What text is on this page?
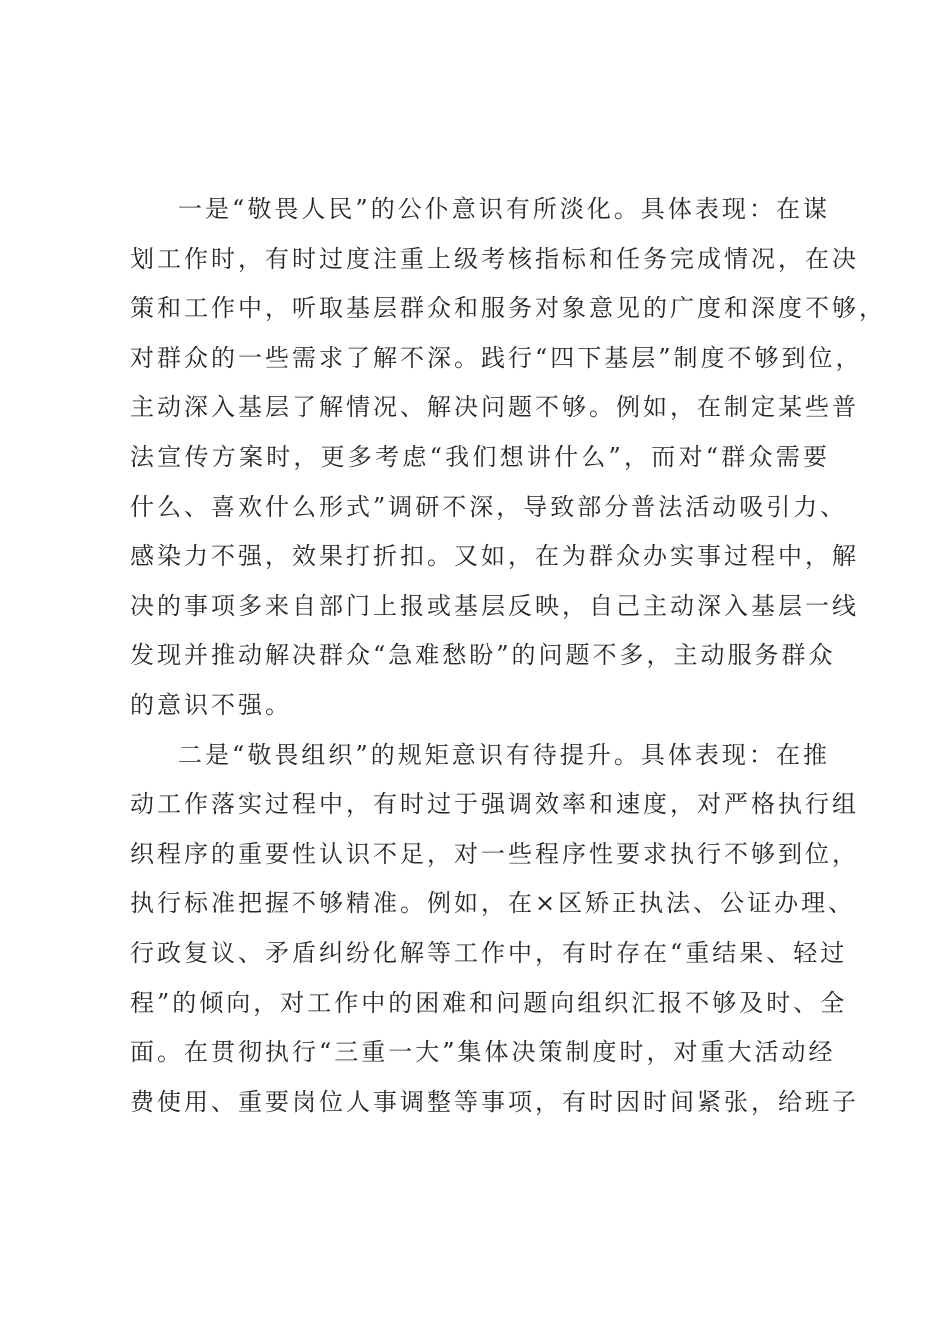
一是“敬畏人民”的公仆意识有所淡化。具体表现：在谋
划工作时，有时过度注重上级考核指标和任务完成情况，在决
策和工作中，听取基层群众和服务对象意见的广度和深度不够，
对群众的一些需求了解不深。践行“四下基层”制度不够到位，
主动深入基层了解情况、解决问题不够。例如，在制定某些普
法宣传方案时，更多考虑“我们想讲什么”，而对“群众需要
什么、喜欢什么形式”调研不深，导致部分普法活动吸引力、
感染力不强，效果打折扣。又如，在为群众办实事过程中，解
决的事项多来自部门上报或基层反映，自己主动深入基层一线
发现并推动解决群众“急难愁盼”的问题不多，主动服务群众
的意识不强。
二是“敬畏组织”的规矩意识有待提升。具体表现：在推
动工作落实过程中，有时过于强调效率和速度，对严格执行组
织程序的重要性认识不足，对一些程序性要求执行不够到位，
执行标准把握不够精准。例如，在×区矫正执法、公证办理、
行政复议、矛盾纠纷化解等工作中，有时存在“重结果、轻过
程”的倾向，对工作中的困难和问题向组织汇报不够及时、全
面。在贯彻执行“三重一大”集体决策制度时，对重大活动经
费使用、重要岗位人事调整等事项，有时因时间紧张，给班子
